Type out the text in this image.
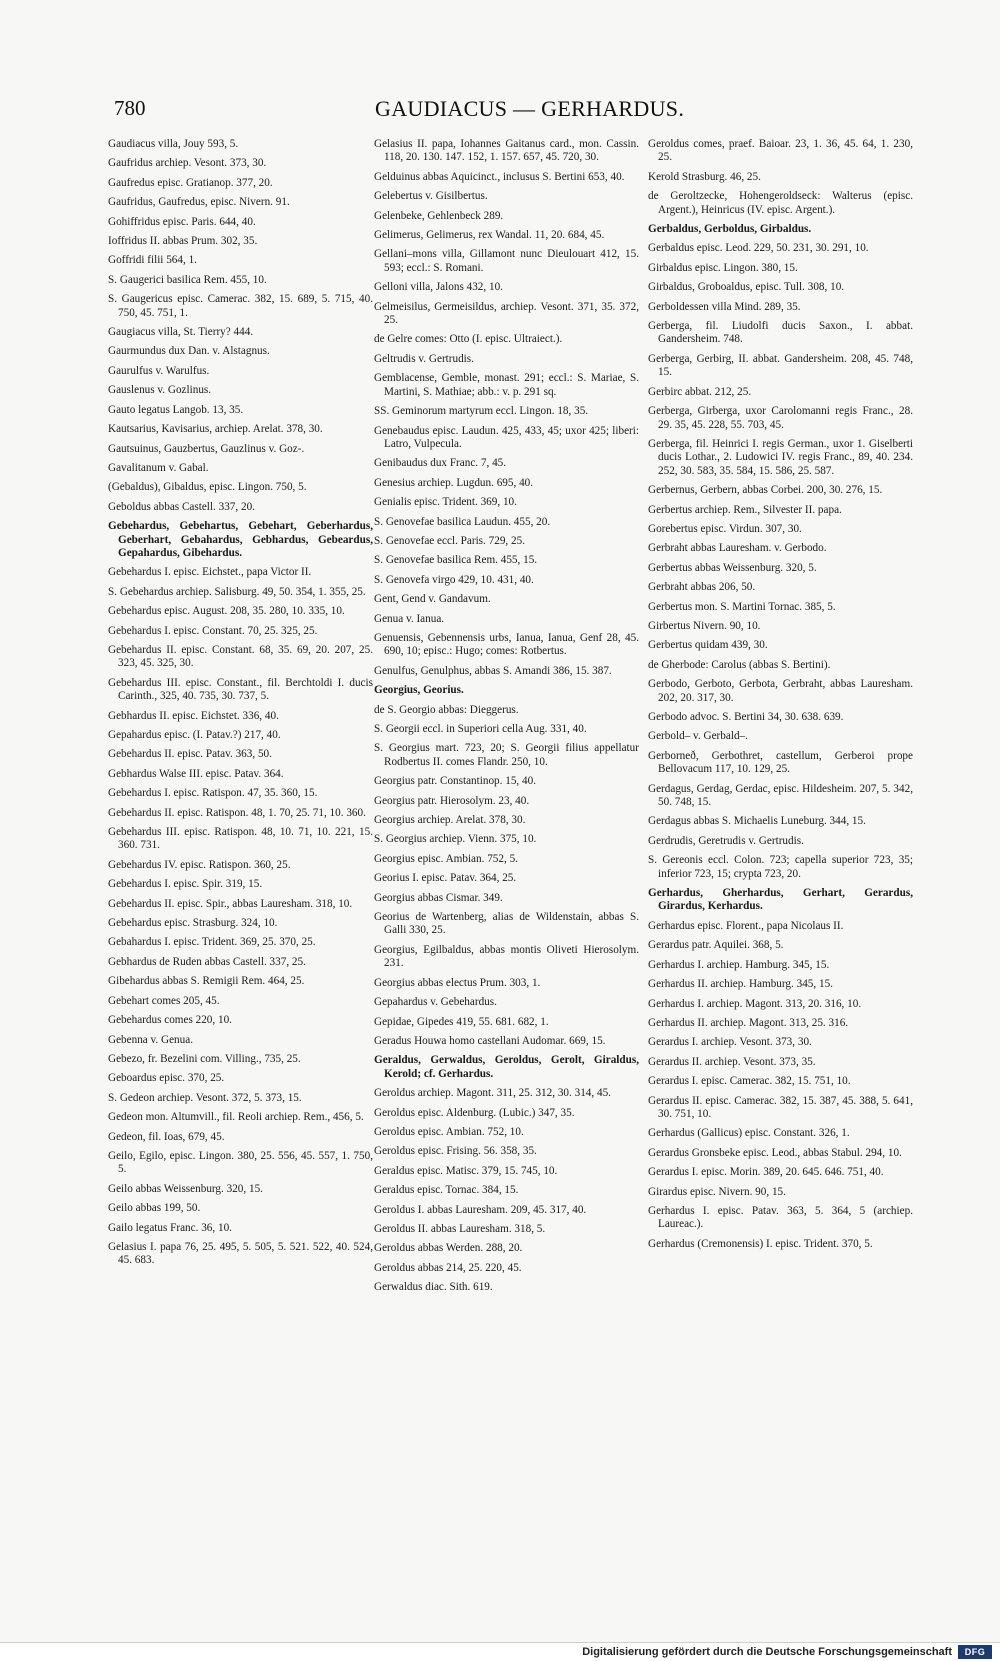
780	GAUDIACUS — GERHARDUS.
Gaudiacus villa, Jouy 593, 5.
Gaufridus archiep. Vesont. 373, 30.
Gaufredus episc. Gratianop. 377, 20.
Gaufridus, Gaufredus, episc. Nivern. 91.
Gohiffridus episc. Paris. 644, 40.
Ioffridus II. abbas Prum. 302, 35.
Goffridi filii 564, 1.
S. Gaugerici basilica Rem. 455, 10.
S. Gaugericus episc. Camerac. 382, 15. 689, 5. 715, 40. 750, 45. 751, 1.
Gaugiacus villa, St. Tierry? 444.
Gaurmundus dux Dan. v. Alstagnus.
Gaurulfus v. Warulfus.
Gauslenus v. Gozlinus.
Gauto legatus Langob. 13, 35.
Kautsarius, Kavisarius, archiep. Arelat. 378, 30.
Gautsuinus, Gauzbertus, Gauzlinus v. Goz-.
Gavalitanum v. Gabal.
(Gebaldus), Gibaldus, episc. Lingon. 750, 5.
Geboldus abbas Castell. 337, 20.
Gebehardus, Gebehartus, Gebehart, Geberhardus, Geberhart, Gebahardus, Gebhardus, Gebeardus, Gepahardus, Gibehardus.
Gebehardus I. episc. Eichstet., papa Victor II.
S. Gebehardus archiep. Salisburg. 49, 50. 354, 1. 355, 25.
Gebehardus episc. August. 208, 35. 280, 10. 335, 10.
Gebehardus I. episc. Constant. 70, 25. 325, 25.
Gebehardus II. episc. Constant. 68, 35. 69, 20. 207, 25. 323, 45. 325, 30.
Gebehardus III. episc. Constant., fil. Berchtoldi I. ducis Carinth., 325, 40. 735, 30. 737, 5.
Gebhardus II. episc. Eichstet. 336, 40.
Gepahardus episc. (I. Patav.?) 217, 40.
Gebehardus II. episc. Patav. 363, 50.
Gebhardus Walse III. episc. Patav. 364.
Gebehardus I. episc. Ratispon. 47, 35. 360, 15.
Gebehardus II. episc. Ratispon. 48, 1. 70, 25. 71, 10. 360.
Gebehardus III. episc. Ratispon. 48, 10. 71, 10. 221, 15. 360. 731.
Gebehardus IV. episc. Ratispon. 360, 25.
Gebehardus I. episc. Spir. 319, 15.
Gebehardus II. episc. Spir., abbas Lauresham. 318, 10.
Gebehardus episc. Strasburg. 324, 10.
Gebahardus I. episc. Trident. 369, 25. 370, 25.
Gebhardus de Ruden abbas Castell. 337, 25.
Gibehardus abbas S. Remigii Rem. 464, 25.
Gebehart comes 205, 45.
Gebehardus comes 220, 10.
Gebenna v. Genua.
Gebezo, fr. Bezelini com. Villing., 735, 25.
Geboardus episc. 370, 25.
S. Gedeon archiep. Vesont. 372, 5. 373, 15.
Gedeon mon. Altumvill., fil. Reoli archiep. Rem., 456, 5.
Gedeon, fil. Ioas, 679, 45.
Geilo, Egilo, episc. Lingon. 380, 25. 556, 45. 557, 1. 750, 5.
Geilo abbas Weissenburg. 320, 15.
Geilo abbas 199, 50.
Gailo legatus Franc. 36, 10.
Gelasius I. papa 76, 25. 495, 5. 505, 5. 521. 522, 40. 524, 45. 683.
Gelasius II. papa, Iohannes Gaitanus card., mon. Cassin. 118, 20. 130. 147. 152, 1. 157. 657, 45. 720, 30.
Gelduinus abbas Aquicinct., inclusus S. Bertini 653, 40.
Gelebertus v. Gisilbertus.
Gelenbeke, Gehlenbeck 289.
Gelimerus, Gelimerus, rex Wandal. 11, 20. 684, 45.
Gellani–mons villa, Gillamont nunc Dieulouart 412, 15. 593; eccl.: S. Romani.
Gelloni villa, Jalons 432, 10.
Gelmeisilus, Germeisildus, archiep. Vesont. 371, 35. 372, 25.
de Gelre comes: Otto (I. episc. Ultraiect.).
Geltrudis v. Gertrudis.
Gemblacense, Gemble, monast. 291; eccl.: S. Mariae, S. Martini, S. Mathiae; abb.: v. p. 291 sq.
SS. Geminorum martyrum eccl. Lingon. 18, 35.
Genebaudus episc. Laudun. 425, 433, 45; uxor 425; liberi: Latro, Vulpecula.
Genibaudus dux Franc. 7, 45.
Genesius archiep. Lugdun. 695, 40.
Genialis episc. Trident. 369, 10.
S. Genovefae basilica Laudun. 455, 20.
S. Genovefae eccl. Paris. 729, 25.
S. Genovefae basilica Rem. 455, 15.
S. Genovefa virgo 429, 10. 431, 40.
Gent, Gend v. Gandavum.
Genua v. Ianua.
Genuensis, Gebennensis urbs, Ianua, Ianua, Genf 28, 45. 690, 10; episc.: Hugo; comes: Rotbertus.
Genulfus, Genulphus, abbas S. Amandi 386, 15. 387.
Georgius, Georius.
de S. Georgio abbas: Dieggerus.
S. Georgii eccl. in Superiori cella Aug. 331, 40.
S. Georgius mart. 723, 20; S. Georgii filius appellatur Rodbertus II. comes Flandr. 250, 10.
Georgius patr. Constantinop. 15, 40.
Georgius patr. Hierosolym. 23, 40.
Georgius archiep. Arelat. 378, 30.
S. Georgius archiep. Vienn. 375, 10.
Georgius episc. Ambian. 752, 5.
Georius I. episc. Patav. 364, 25.
Georgius abbas Cismar. 349.
Georius de Wartenberg, alias de Wildenstain, abbas S. Galli 330, 25.
Georgius, Egilbaldus, abbas montis Oliveti Hierosolym. 231.
Georgius abbas electus Prum. 303, 1.
Gepahardus v. Gebehardus.
Gepidae, Gipedes 419, 55. 681. 682, 1.
Geradus Houwa homo castellani Audomar. 669, 15.
Geraldus, Gerwaldus, Geroldus, Gerolt, Giraldus, Kerold; cf. Gerhardus.
Geroldus archiep. Magont. 311, 25. 312, 30. 314, 45.
Geroldus episc. Aldenburg. (Lubic.) 347, 35.
Geroldus episc. Ambian. 752, 10.
Geroldus episc. Frising. 56. 358, 35.
Geraldus episc. Matisc. 379, 15. 745, 10.
Geraldus episc. Tornac. 384, 15.
Geroldus I. abbas Lauresham. 209, 45. 317, 40.
Geroldus II. abbas Lauresham. 318, 5.
Geroldus abbas Werden. 288, 20.
Geroldus abbas 214, 25. 220, 45.
Gerwaldus diac. Sith. 619.
Geroldus comes, praef. Baioar. 23, 1. 36, 45. 64, 1. 230, 25.
Kerold Strasburg. 46, 25.
de Geroltzecke, Hohengeroldseck: Walterus (episc. Argent.), Heinricus (IV. episc. Argent.).
Gerbaldus, Gerboldus, Girbaldus.
Gerbaldus episc. Leod. 229, 50. 231, 30. 291, 10.
Girbaldus episc. Lingon. 380, 15.
Girbaldus, Groboaldus, episc. Tull. 308, 10.
Gerboldessen villa Mind. 289, 35.
Gerberga, fil. Liudolfi ducis Saxon., I. abbat. Gandersheim. 748.
Gerberga, Gerbirg, II. abbat. Gandersheim. 208, 45. 748, 15.
Gerbirc abbat. 212, 25.
Gerberga, Girberga, uxor Carolomanni regis Franc., 28. 29. 35, 45. 228, 55. 703, 45.
Gerberga, fil. Heinrici I. regis German., uxor 1. Giselberti ducis Lothar., 2. Ludowici IV. regis Franc., 89, 40. 234. 252, 30. 583, 35. 584, 15. 586, 25. 587.
Gerbernus, Gerbern, abbas Corbei. 200, 30. 276, 15.
Gerbertus archiep. Rem., Silvester II. papa.
Gorebertus episc. Virdun. 307, 30.
Gerbraht abbas Lauresham. v. Gerbodo.
Gerbertus abbas Weissenburg. 320, 5.
Gerbraht abbas 206, 50.
Gerbertus mon. S. Martini Tornac. 385, 5.
Girbertus Nivern. 90, 10.
Gerbertus quidam 439, 30.
de Gherbode: Carolus (abbas S. Bertini).
Gerbodo, Gerboto, Gerbota, Gerbraht, abbas Lauresham. 202, 20. 317, 30.
Gerbodo advoc. S. Bertini 34, 30. 638. 639.
Gerbold– v. Gerbald–.
Gerborneð, Gerbothret, castellum, Gerberoi prope Bellovacum 117, 10. 129, 25.
Gerdagus, Gerdag, Gerdac, episc. Hildesheim. 207, 5. 342, 50. 748, 15.
Gerdagus abbas S. Michaelis Luneburg. 344, 15.
Gerdrudis, Geretrudis v. Gertrudis.
S. Gereonis eccl. Colon. 723; capella superior 723, 35; inferior 723, 15; crypta 723, 20.
Gerhardus, Gherhardus, Gerhart, Gerardus, Girardus, Kerhardus.
Gerhardus episc. Florent., papa Nicolaus II.
Gerardus patr. Aquilei. 368, 5.
Gerhardus I. archiep. Hamburg. 345, 15.
Gerhardus II. archiep. Hamburg. 345, 15.
Gerhardus I. archiep. Magont. 313, 20. 316, 10.
Gerhardus II. archiep. Magont. 313, 25. 316.
Gerardus I. archiep. Vesont. 373, 30.
Gerardus II. archiep. Vesont. 373, 35.
Gerardus I. episc. Camerac. 382, 15. 751, 10.
Gerardus II. episc. Camerac. 382, 15. 387, 45. 388, 5. 641, 30. 751, 10.
Gerhardus (Gallicus) episc. Constant. 326, 1.
Gerardus Gronsbeke episc. Leod., abbas Stabul. 294, 10.
Gerardus I. episc. Morin. 389, 20. 645. 646. 751, 40.
Girardus episc. Nivern. 90, 15.
Gerhardus I. episc. Patav. 363, 5. 364, 5 (archiep. Laureac.).
Gerhardus (Cremonensis) I. episc. Trident. 370, 5.
Digitalisierung gefördert durch die Deutsche Forschungsgemeinschaft	DFG
